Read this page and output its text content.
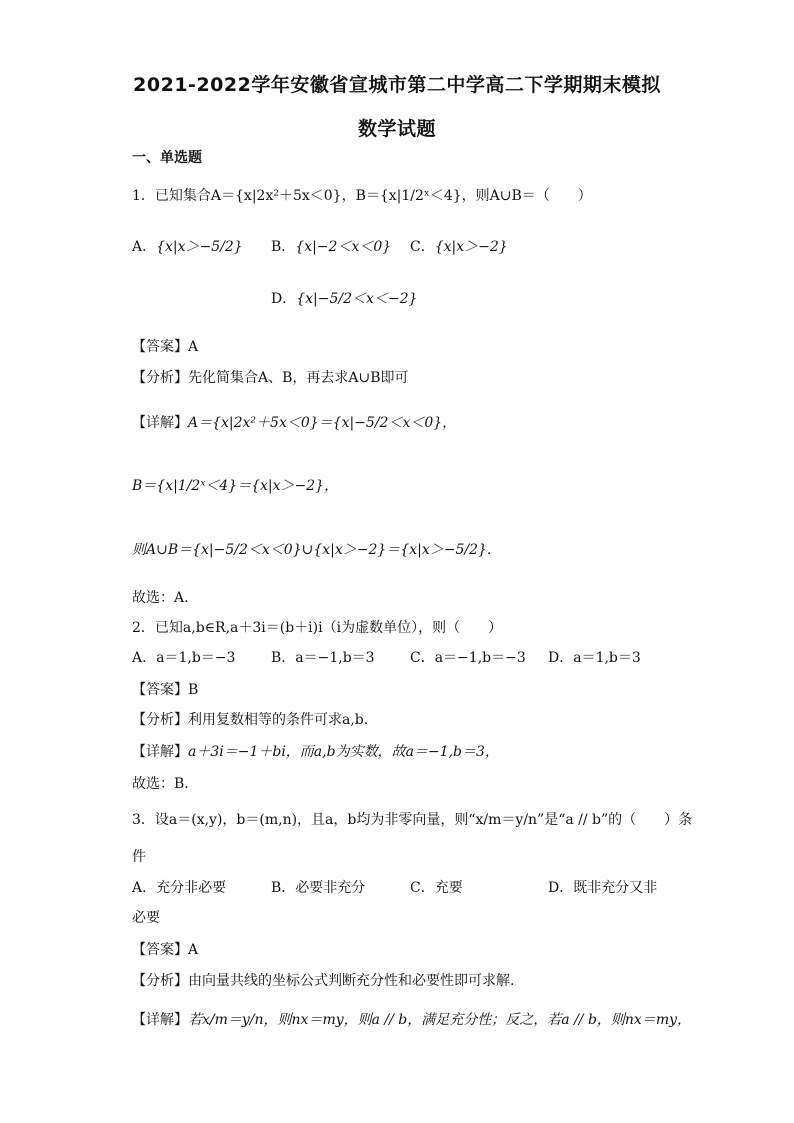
2021-2022学年安徽省宣城市第二中学高二下学期期末模拟
数学试题
一、单选题
1．已知集合A＝{x|2x²＋5x＜0}，B＝{x|1/2ˣ＜4}，则A∪B＝（　　）
A．{x|x＞−5/2} B．{x|−2＜x＜0} C．{x|x＞−2}
D．{x|−5/2＜x＜−2}
【答案】A
【分析】先化简集合A、B，再去求A∪B即可
【详解】A＝{x|2x²＋5x＜0}＝{x|−5/2＜x＜0}，
B＝{x|1/2ˣ＜4}＝{x|x＞−2}，
则A∪B＝{x|−5/2＜x＜0}∪{x|x＞−2}＝{x|x＞−5/2}.
故选：A.
2．已知a,b∈R,a＋3i＝(b＋i)i（i为虚数单位），则（　　）
A．a＝1,b＝−3	B．a＝−1,b＝3	C．a＝−1,b＝−3 D．a＝1,b＝3
【答案】B
【分析】利用复数相等的条件可求a,b.
【详解】a＋3i＝−1＋bi，而a,b为实数，故a＝−1,b＝3，
故选：B.
3．设a＝(x,y)，b＝(m,n)，且a，b均为非零向量，则“x/m＝y/n”是“a // b”的（　　）条
件
A．充分非必要	B．必要非充分	C．充要	D．既非充分又非
必要
【答案】A
【分析】由向量共线的坐标公式判断充分性和必要性即可求解.
【详解】若x/m＝y/n，则nx＝my，则a // b，满足充分性；反之，若a // b，则nx＝my，
